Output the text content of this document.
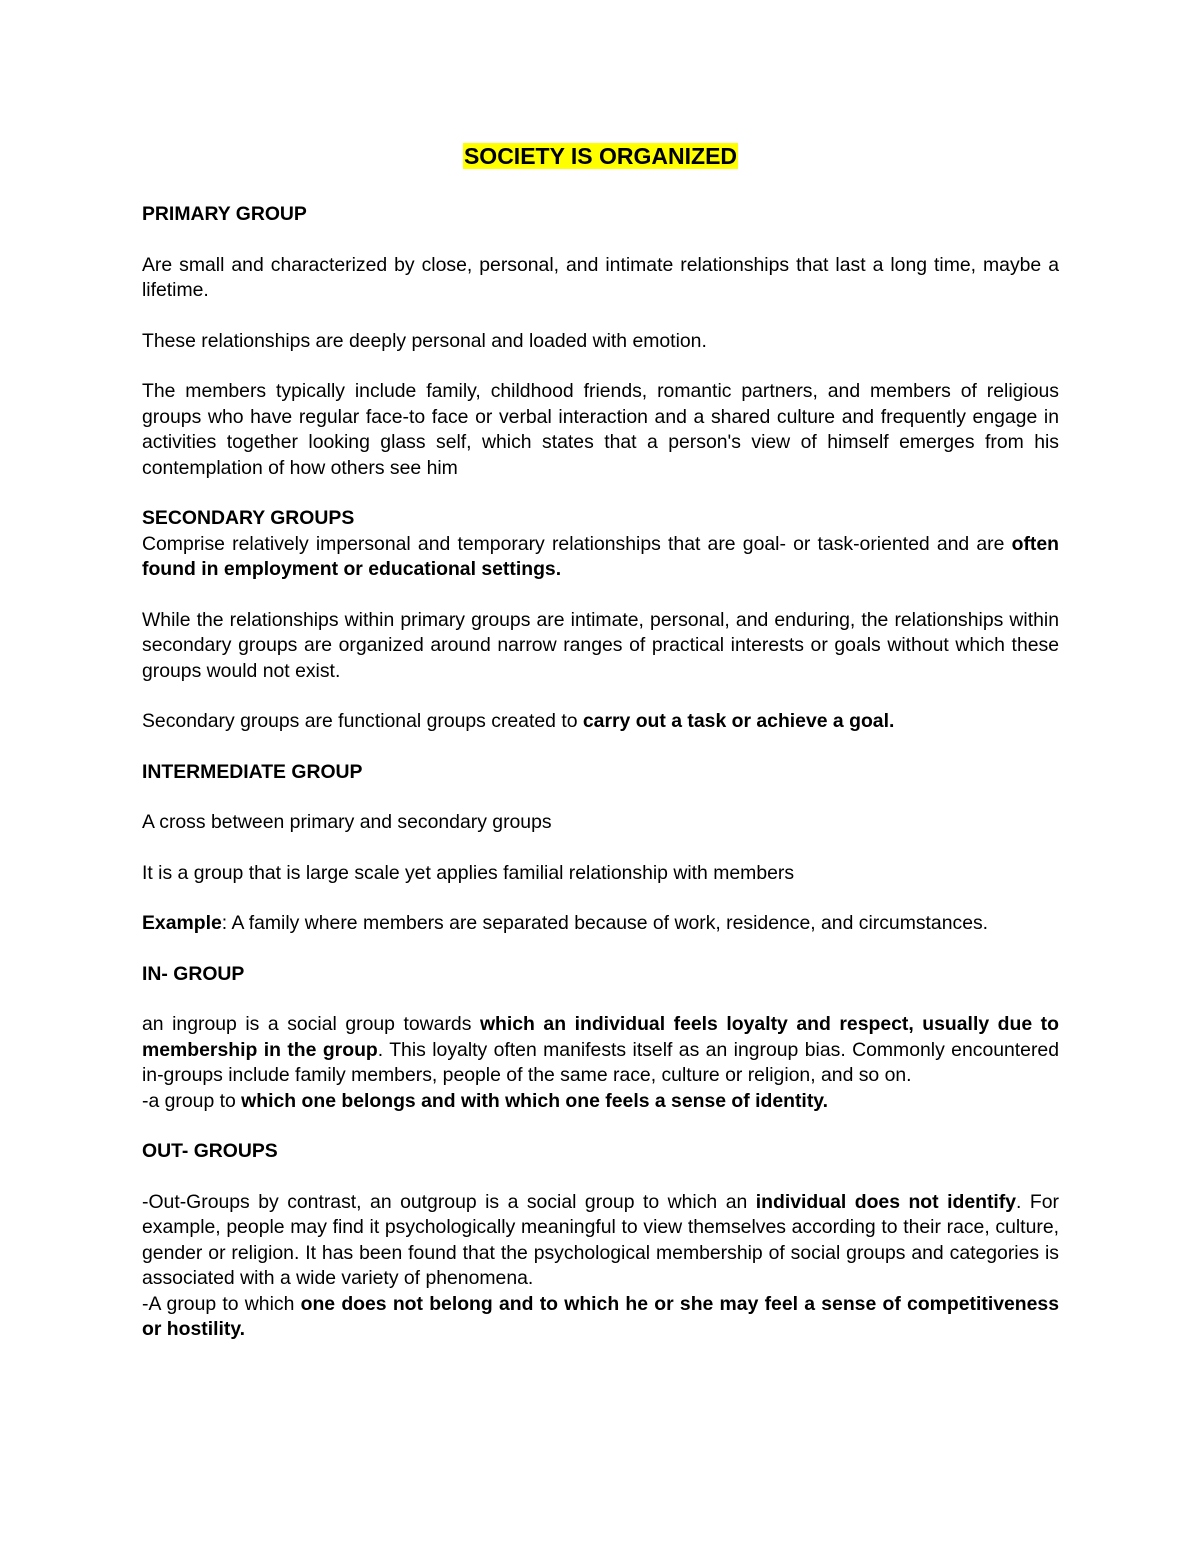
SOCIETY IS ORGANIZED
PRIMARY GROUP

Are small and characterized by close, personal, and intimate relationships that last a long time, maybe a lifetime.

These relationships are deeply personal and loaded with emotion.

The members typically include family, childhood friends, romantic partners, and members of religious groups who have regular face-to face or verbal interaction and a shared culture and frequently engage in activities together looking glass self, which states that a person's view of himself emerges from his contemplation of how others see him

SECONDARY GROUPS

Comprise relatively impersonal and temporary relationships that are goal- or task-oriented and are often found in employment or educational settings.

While the relationships within primary groups are intimate, personal, and enduring, the relationships within secondary groups are organized around narrow ranges of practical interests or goals without which these groups would not exist.

Secondary groups are functional groups created to carry out a task or achieve a goal.

INTERMEDIATE GROUP

A cross between primary and secondary groups

It is a group that is large scale yet applies familial relationship with members

Example: A family where members are separated because of work, residence, and circumstances.

IN- GROUP

an ingroup is a social group towards which an individual feels loyalty and respect, usually due to membership in the group. This loyalty often manifests itself as an ingroup bias. Commonly encountered in-groups include family members, people of the same race, culture or religion, and so on.

-a group to which one belongs and with which one feels a sense of identity.

OUT- GROUPS

-Out-Groups by contrast, an outgroup is a social group to which an individual does not identify. For example, people may find it psychologically meaningful to view themselves according to their race, culture, gender or religion. It has been found that the psychological membership of social groups and categories is associated with a wide variety of phenomena.

-A group to which one does not belong and to which he or she may feel a sense of competitiveness or hostility.
